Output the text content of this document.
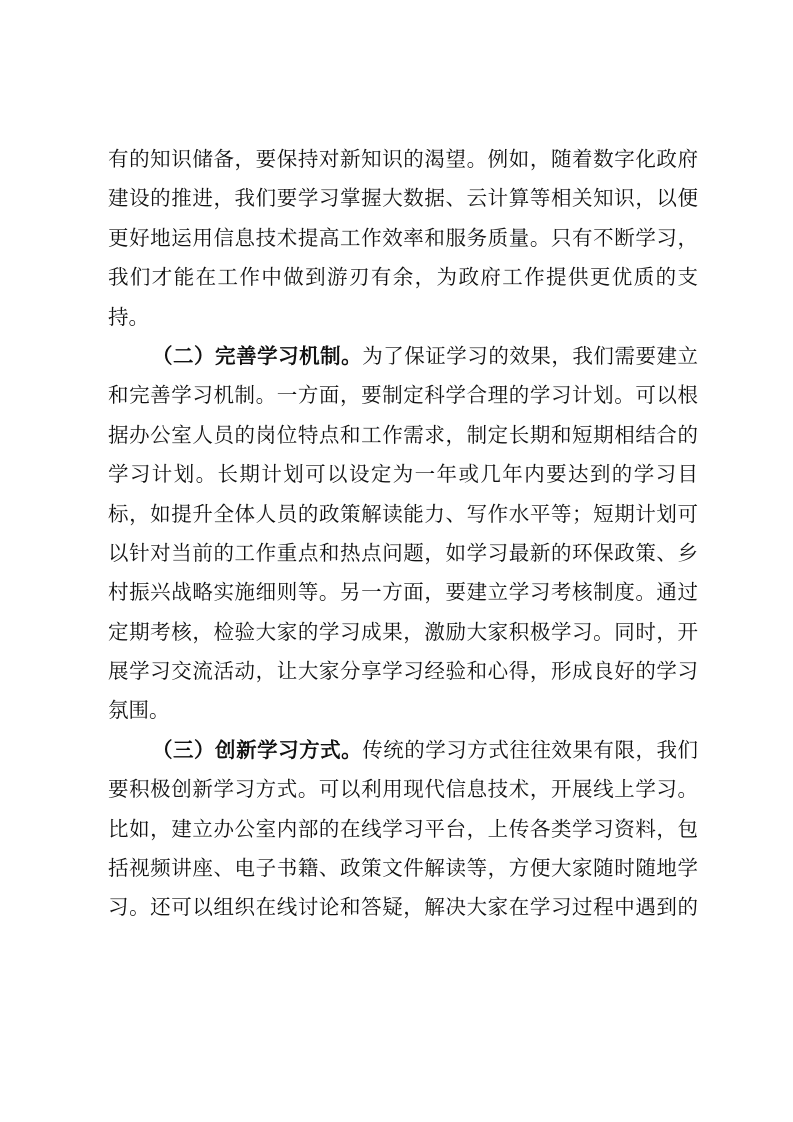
有的知识储备，要保持对新知识的渴望。例如，随着数字化政府
建设的推进，我们要学习掌握大数据、云计算等相关知识，以便
更好地运用信息技术提高工作效率和服务质量。只有不断学习，
我们才能在工作中做到游刃有余，为政府工作提供更优质的支
持。
（二）完善学习机制。为了保证学习的效果，我们需要建立
和完善学习机制。一方面，要制定科学合理的学习计划。可以根
据办公室人员的岗位特点和工作需求，制定长期和短期相结合的
学习计划。长期计划可以设定为一年或几年内要达到的学习目
标，如提升全体人员的政策解读能力、写作水平等；短期计划可
以针对当前的工作重点和热点问题，如学习最新的环保政策、乡
村振兴战略实施细则等。另一方面，要建立学习考核制度。通过
定期考核，检验大家的学习成果，激励大家积极学习。同时，开
展学习交流活动，让大家分享学习经验和心得，形成良好的学习
氛围。
（三）创新学习方式。传统的学习方式往往效果有限，我们
要积极创新学习方式。可以利用现代信息技术，开展线上学习。
比如，建立办公室内部的在线学习平台，上传各类学习资料，包
括视频讲座、电子书籍、政策文件解读等，方便大家随时随地学
习。还可以组织在线讨论和答疑，解决大家在学习过程中遇到的
